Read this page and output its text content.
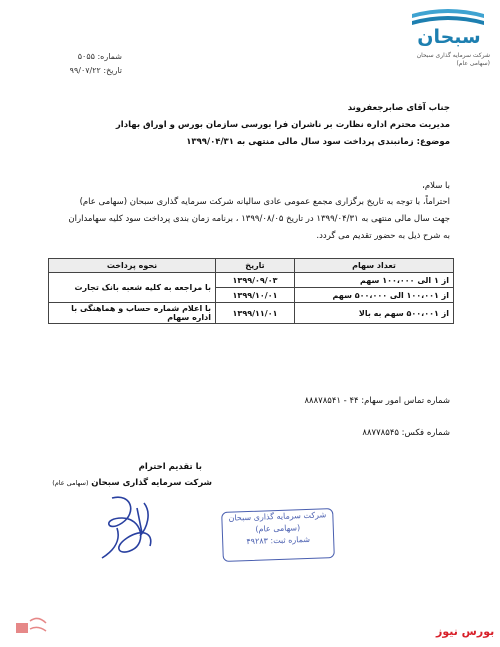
سبحان
شرکت سرمایه گذاری سبحان
(سهامی عام)
شماره: ۵۰۵۵
تاریخ: ۹۹/۰۷/۲۲
جناب آقای صابرجعفروند
مدیریت محترم اداره نظارت بر ناشران فرا بورسی سازمان بورس و اوراق بهادار
موضوع: زمانبندی پرداخت سود سال مالی منتهی به ۱۳۹۹/۰۴/۳۱
با سلام،
احتراماً، با توجه به تاریخ برگزاری مجمع عمومی عادی سالیانه شرکت سرمایه گذاری سبحان (سهامی عام)
جهت سال مالی منتهی به ۱۳۹۹/۰۴/۳۱ در تاریخ ۱۳۹۹/۰۸/۰۵ ، برنامه زمان بندی پرداخت سود کلیه سهامداران
به شرح ذیل به حضور تقدیم می گردد.
تعداد سهام	تاریخ	نحوه پرداخت
از ۱ الی ۱۰۰،۰۰۰ سهم	۱۳۹۹/۰۹/۰۳	با مراجعه به کلیه شعبه بانک تجارت
از ۱۰۰،۰۰۱ الی ۵۰۰،۰۰۰ سهم	۱۳۹۹/۱۰/۰۱	
از ۵۰۰،۰۰۱ سهم به بالا	۱۳۹۹/۱۱/۰۱	با اعلام شماره حساب و هماهنگی با
اداره سهام
شماره تماس امور سهام: ۴۴ - ۸۸۸۷۸۵۴۱
شماره فکس: ۸۸۷۷۸۵۴۵
با تقدیم احترام
شرکت سرمایه گذاری سبحان (سهامی عام)
شرکت سرمایه گذاری سبحان
(سهامی عام)
شماره ثبت: ۴۹۲۸۳
بورس نیوز
